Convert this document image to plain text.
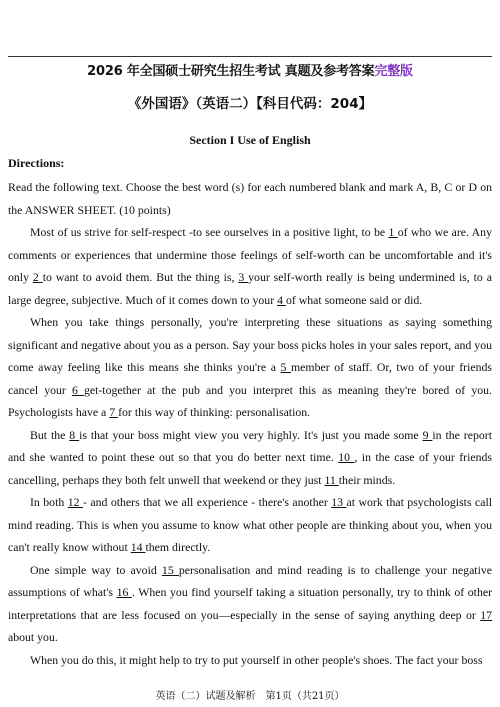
2026 年全国硕士研究生招生考试 真题及参考答案完整版
《外国语》（英语二）【科目代码：204】
Section I Use of English
Directions:

Read the following text. Choose the best word (s) for each numbered blank and mark A, B, C or D on the ANSWER SHEET. (10 points)

Most of us strive for self-respect -to see ourselves in a positive light, to be 1 of who we are. Any comments or experiences that undermine those feelings of self-worth can be uncomfortable and it's only 2 to want to avoid them. But the thing is, 3 your self-worth really is being undermined is, to a large degree, subjective. Much of it comes down to your 4 of what someone said or did.

When you take things personally, you're interpreting these situations as saying something significant and negative about you as a person. Say your boss picks holes in your sales report, and you come away feeling like this means she thinks you're a 5 member of staff. Or, two of your friends cancel your 6 get-together at the pub and you interpret this as meaning they're bored of you. Psychologists have a 7 for this way of thinking: personalisation.

But the 8 is that your boss might view you very highly. It's just you made some 9 in the report and she wanted to point these out so that you do better next time. 10 , in the case of your friends cancelling, perhaps they both felt unwell that weekend or they just 11 their minds.

In both 12 - and others that we all experience - there's another 13 at work that psychologists call mind reading. This is when you assume to know what other people are thinking about you, when you can't really know without 14 them directly.

One simple way to avoid 15 personalisation and mind reading is to challenge your negative assumptions of what's 16 . When you find yourself taking a situation personally, try to think of other interpretations that are less focused on you—especially in the sense of saying anything deep or 17 about you.

When you do this, it might help to try to put yourself in other people's shoes. The fact your boss

英语（二）试题及解析　第1页（共21页）
